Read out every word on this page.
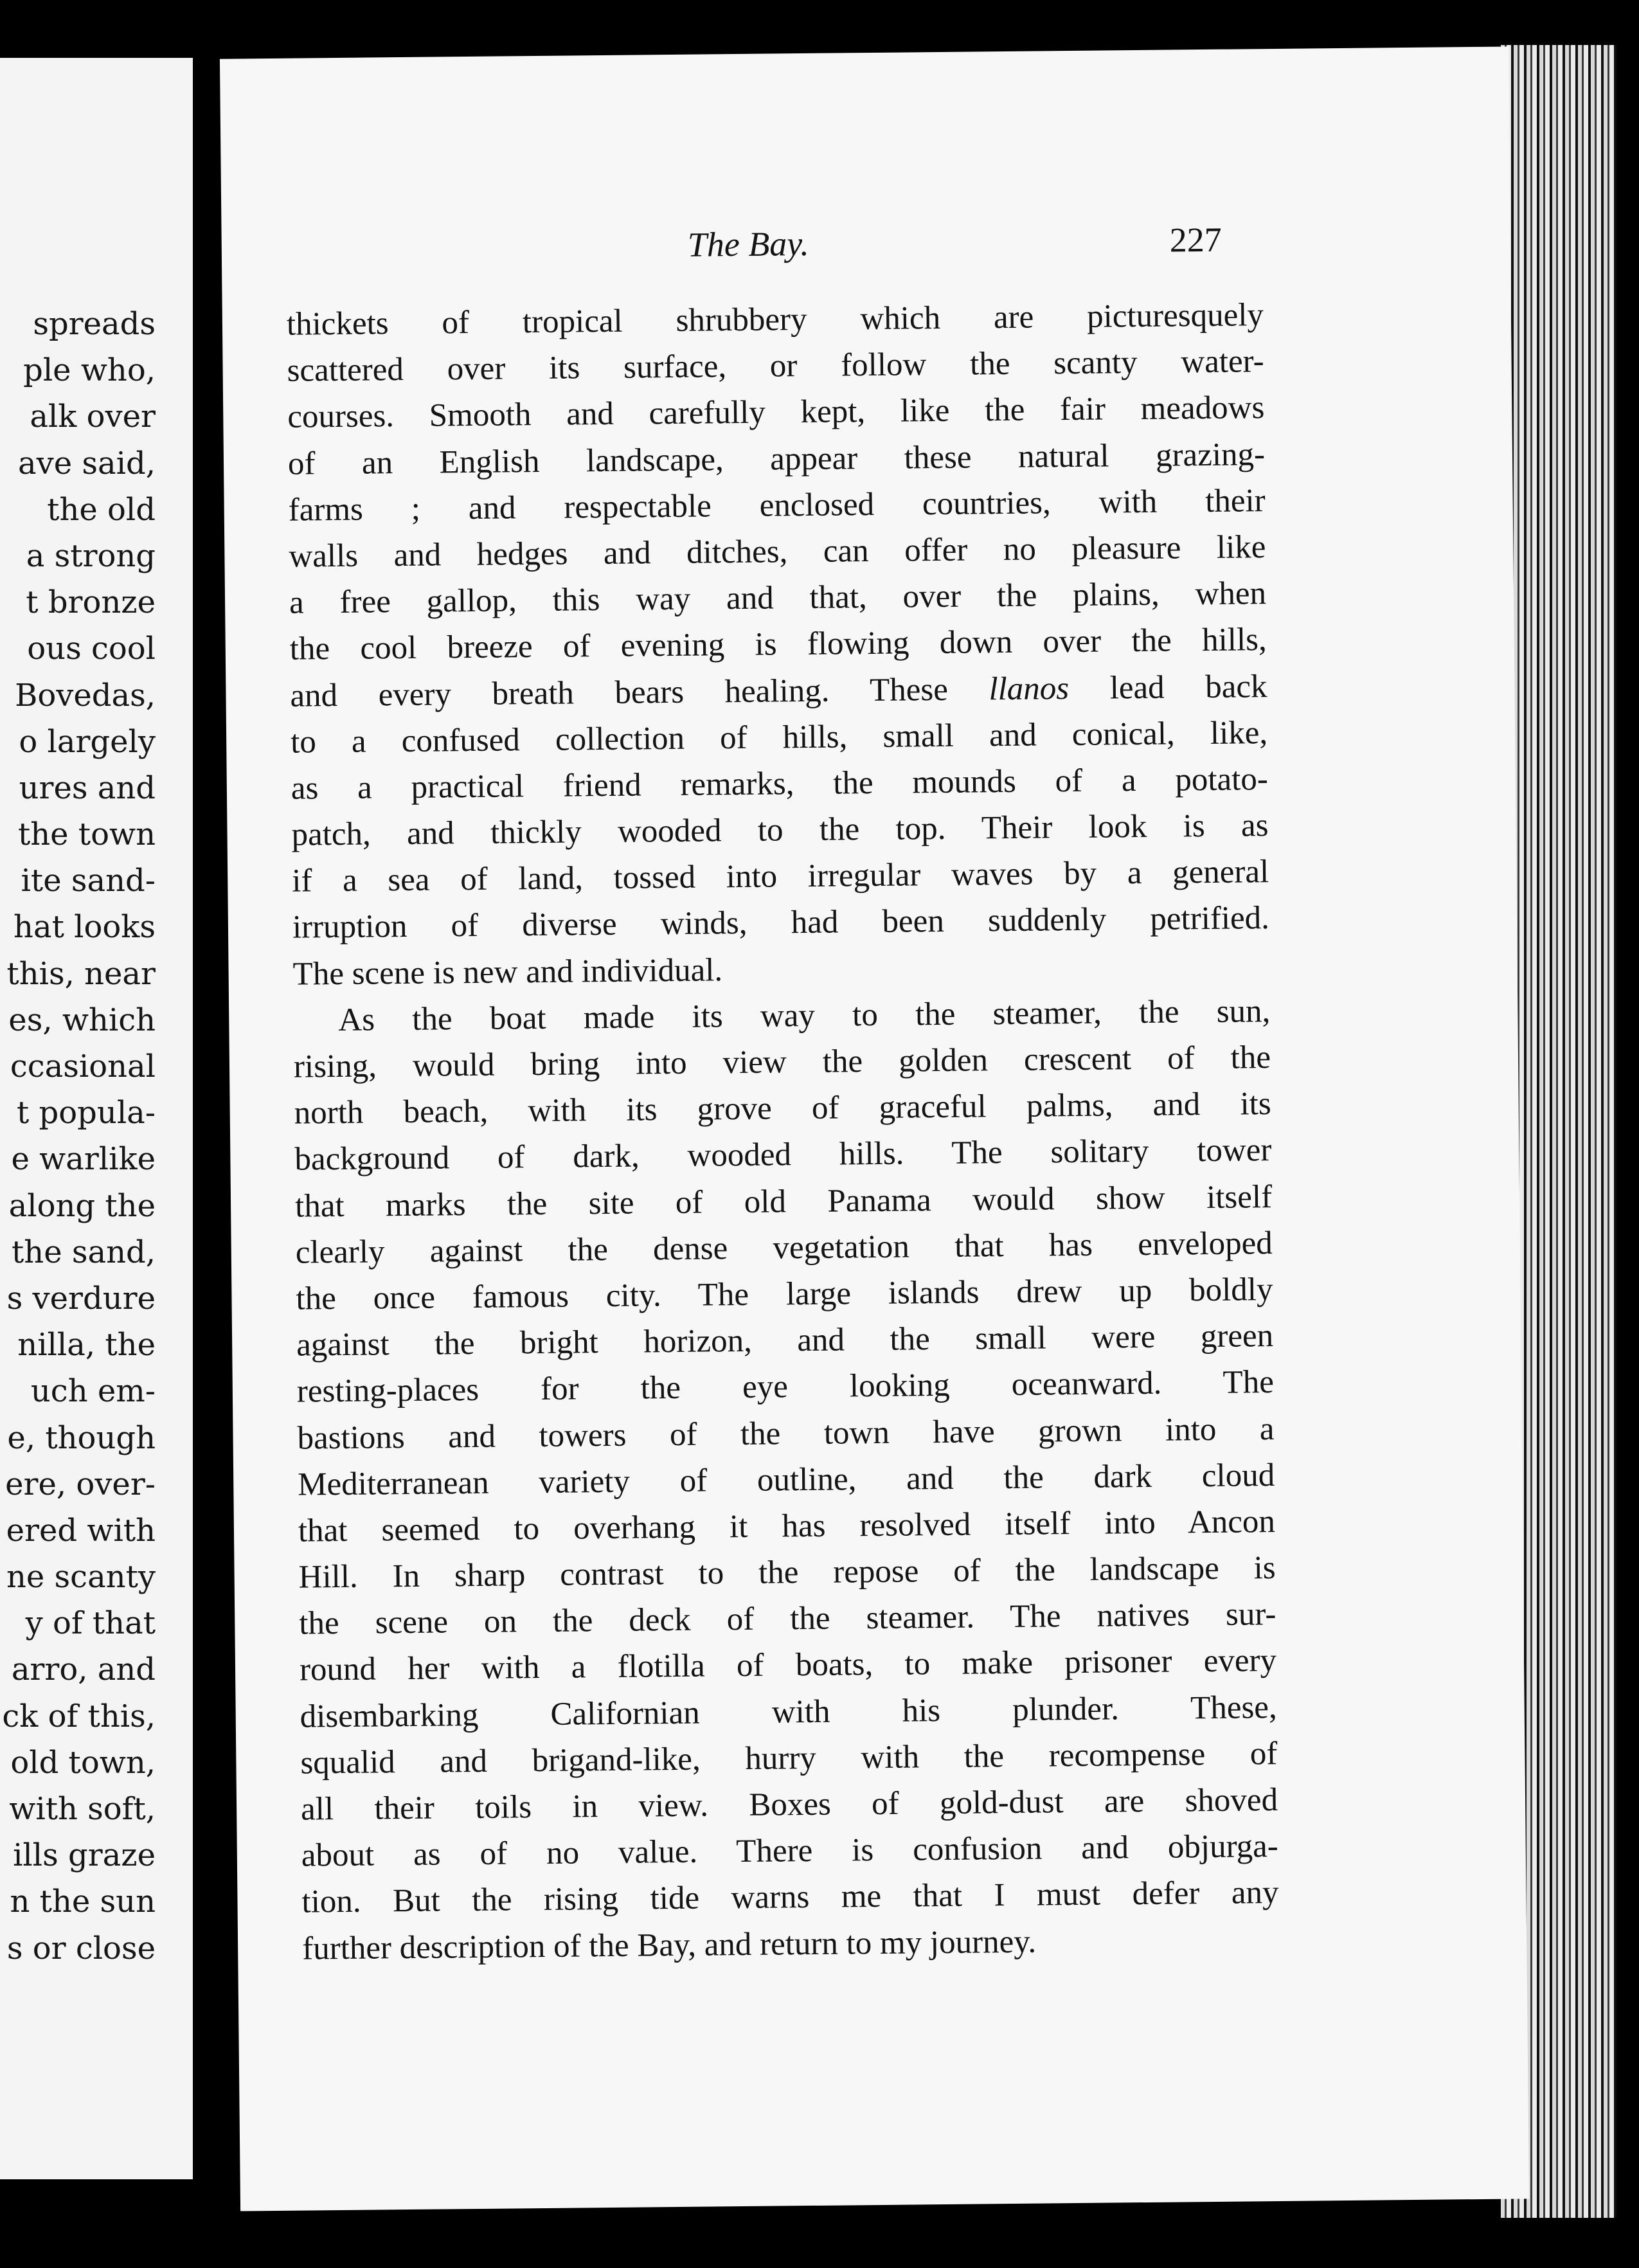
spreads
ple who,
alk over
ave said,
the old
a strong
t bronze
ous cool
Bovedas,
o largely
ures and
the town
ite sand-
hat looks
this, near
es, which
ccasional
t popula-
e warlike
along the
the sand,
s verdure
nilla, the
uch em-
e, though
ere, over-
ered with
ne scanty
y of that
arro, and
ck of this,
old town,
with soft,
ills graze
n the sun
s or close
The Bay.	227
thickets of tropical shrubbery which are picturesquely
scattered over its surface, or follow the scanty water-
courses. Smooth and carefully kept, like the fair meadows
of an English landscape, appear these natural grazing-
farms ; and respectable enclosed countries, with their
walls and hedges and ditches, can offer no pleasure like
a free gallop, this way and that, over the plains, when
the cool breeze of evening is flowing down over the hills,
and every breath bears healing. These llanos lead back
to a confused collection of hills, small and conical, like,
as a practical friend remarks, the mounds of a potato-
patch, and thickly wooded to the top. Their look is as
if a sea of land, tossed into irregular waves by a general
irruption of diverse winds, had been suddenly petrified.
The scene is new and individual.
As the boat made its way to the steamer, the sun,
rising, would bring into view the golden crescent of the
north beach, with its grove of graceful palms, and its
background of dark, wooded hills. The solitary tower
that marks the site of old Panama would show itself
clearly against the dense vegetation that has enveloped
the once famous city. The large islands drew up boldly
against the bright horizon, and the small were green
resting-places for the eye looking oceanward. The
bastions and towers of the town have grown into a
Mediterranean variety of outline, and the dark cloud
that seemed to overhang it has resolved itself into Ancon
Hill. In sharp contrast to the repose of the landscape is
the scene on the deck of the steamer. The natives sur-
round her with a flotilla of boats, to make prisoner every
disembarking Californian with his plunder. These,
squalid and brigand-like, hurry with the recompense of
all their toils in view. Boxes of gold-dust are shoved
about as of no value. There is confusion and objurga-
tion. But the rising tide warns me that I must defer any
further description of the Bay, and return to my journey.
